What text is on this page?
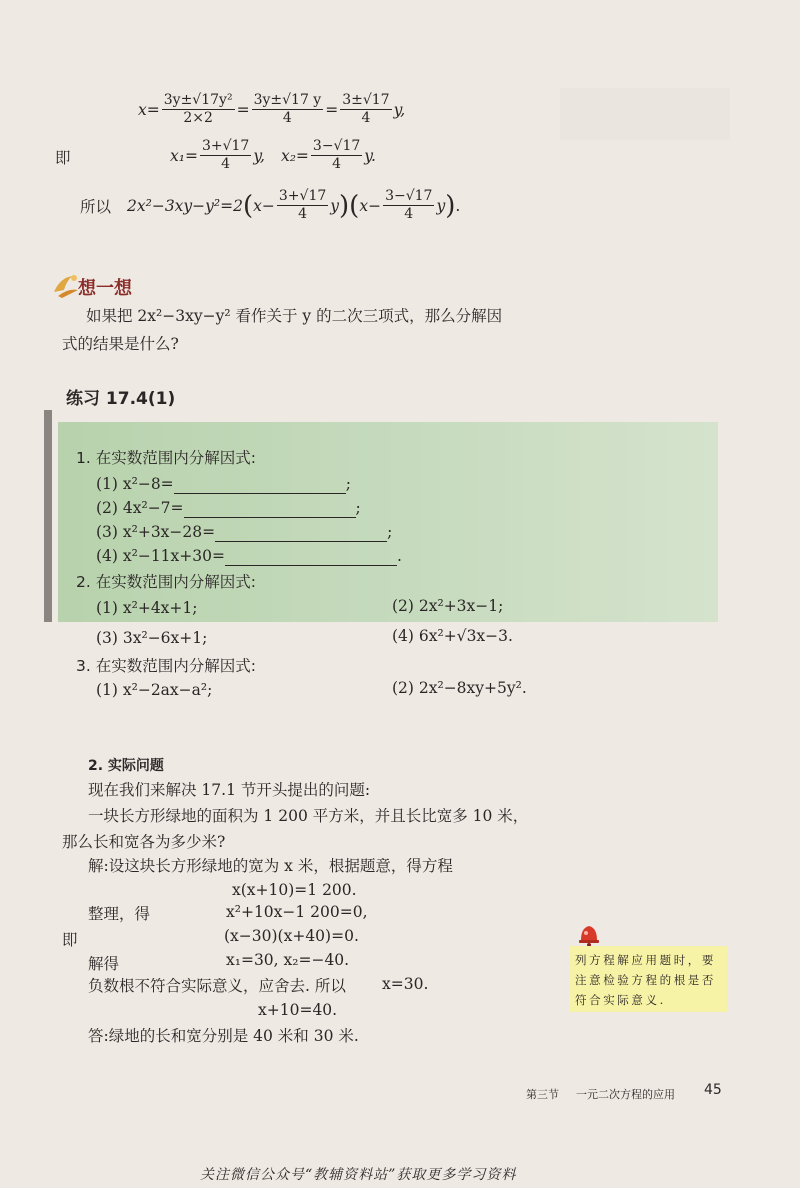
$x = \frac{\text{3y±√17y²}}{2\times 2} = \frac{3y\pm√17 y}{4} = \frac{3\pm√17}{4} y$,
即	$x_1= \frac{3+√17}{4} y$, $x_2= \frac{3-√17}{4} y$.
所以 2x²−3xy−y²=2 ( $x- \frac{3+√17}{4}$ y )( $x- \frac{3-√17}{4}$ y ) .
想一想
如果把 2x²−3xy−y² 看作关于 y 的二次三项式，那么分解因
式的结果是什么?
练习 17.4(1)
1. 在实数范围内分解因式:
(1) x²−8=	;
(2) 4x²−7=	;
(3) x²+3x−28=	;
(4) x²−11x+30=	.
2. 在实数范围内分解因式:
(1) x²+4x+1;	(2) 2x²+3x−1;
(3) 3x²−6x+1;	(4) 6x²+√3x−3.
3. 在实数范围内分解因式:
(1) x²−2ax−a²;	(2) 2x²−8xy+5y².
2. 实际问题
现在我们来解决 17.1 节开头提出的问题:
一块长方形绿地的面积为 1 200 平方米，并且长比宽多 10 米，
那么长和宽各为多少米?
解:设这块长方形绿地的宽为 x 米，根据题意，得方程
x(x+10)=1 200.
整理，得	x²+10x−1 200=0,
即	(x−30)(x+40)=0.
解得	x₁=30, x₂=−40.
负数根不符合实际意义，应舍去. 所以 x=30.
x+10=40.
答:绿地的长和宽分别是 40 米和 30 米.
列方程解应用题时，要注意检验方程的根是否符合实际意义.
第三节 一元二次方程的应用 45
关注微信公众号“教辅资料站”获取更多学习资料
